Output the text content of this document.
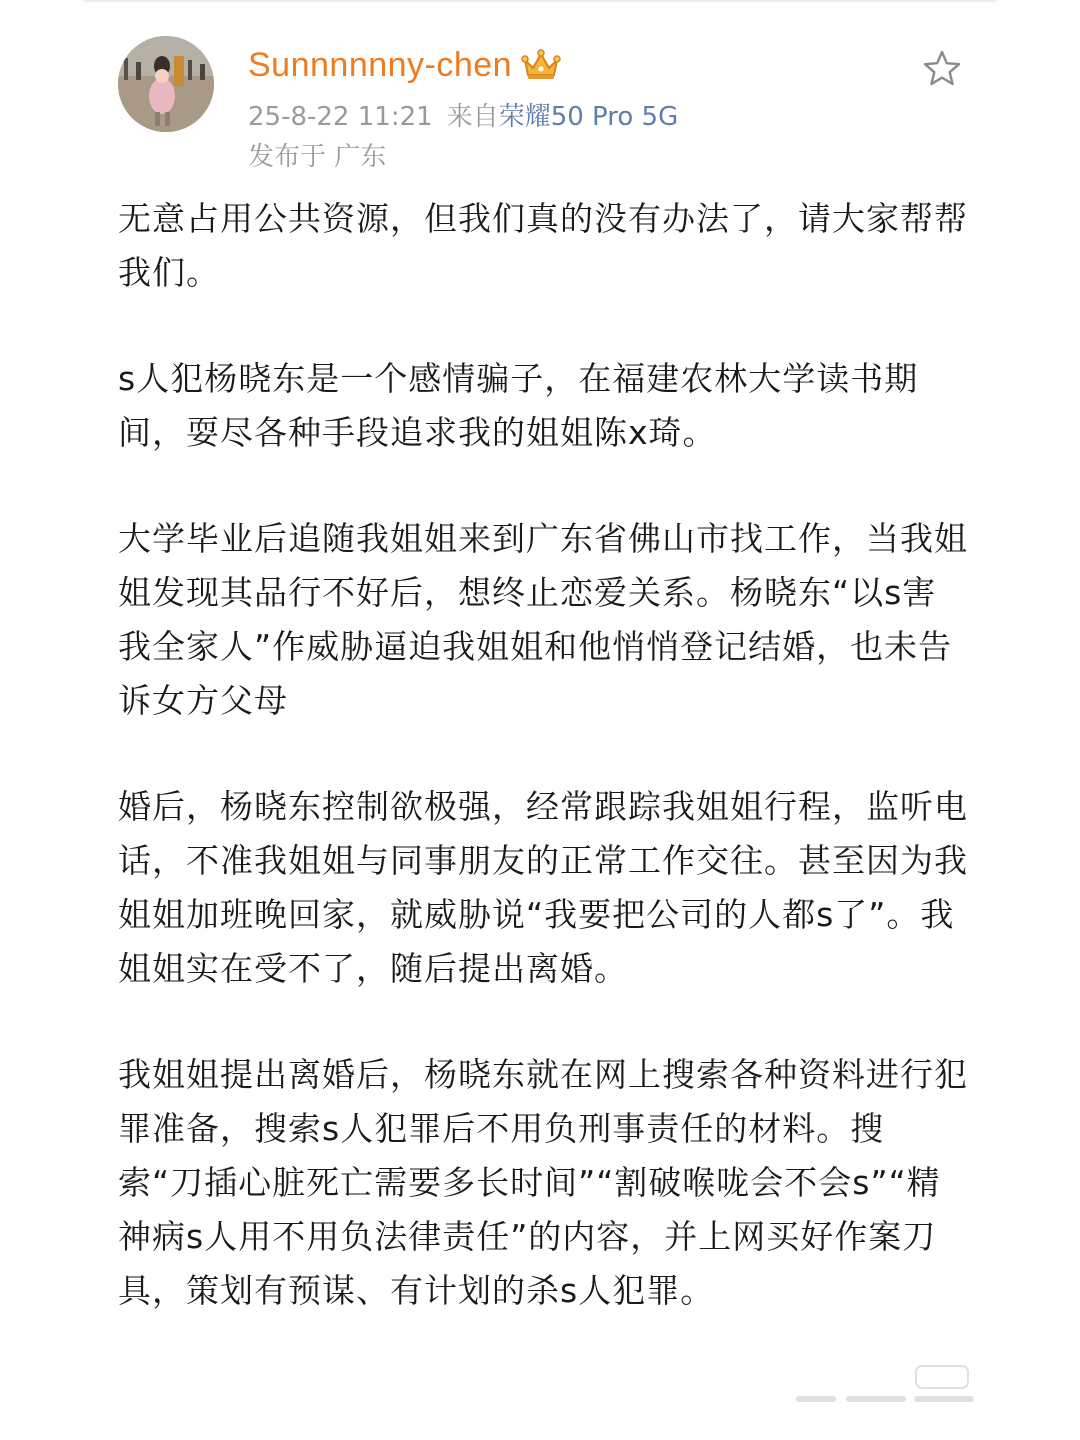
Sunnnnnny-chen
25-8-22 11:21 来自荣耀50 Pro 5G
发布于 广东

无意占用公共资源，但我们真的没有办法了，请大家帮帮我们。

s人犯杨晓东是一个感情骗子，在福建农林大学读书期间，耍尽各种手段追求我的姐姐陈x琦。

大学毕业后追随我姐姐来到广东省佛山市找工作，当我姐姐发现其品行不好后，想终止恋爱关系。杨晓东“以s害我全家人”作威胁逼迫我姐姐和他悄悄登记结婚，也未告诉女方父母

婚后，杨晓东控制欲极强，经常跟踪我姐姐行程，监听电话，不准我姐姐与同事朋友的正常工作交往。甚至因为我姐姐加班晚回家，就威胁说“我要把公司的人都s了”。我姐姐实在受不了，随后提出离婚。

我姐姐提出离婚后，杨晓东就在网上搜索各种资料进行犯罪准备，搜索s人犯罪后不用负刑事责任的材料。搜索“刀插心脏死亡需要多长时间”“割破喉咙会不会s”“精神病s人用不用负法律责任”的内容，并上网买好作案刀具，策划有预谋、有计划的杀s人犯罪。
